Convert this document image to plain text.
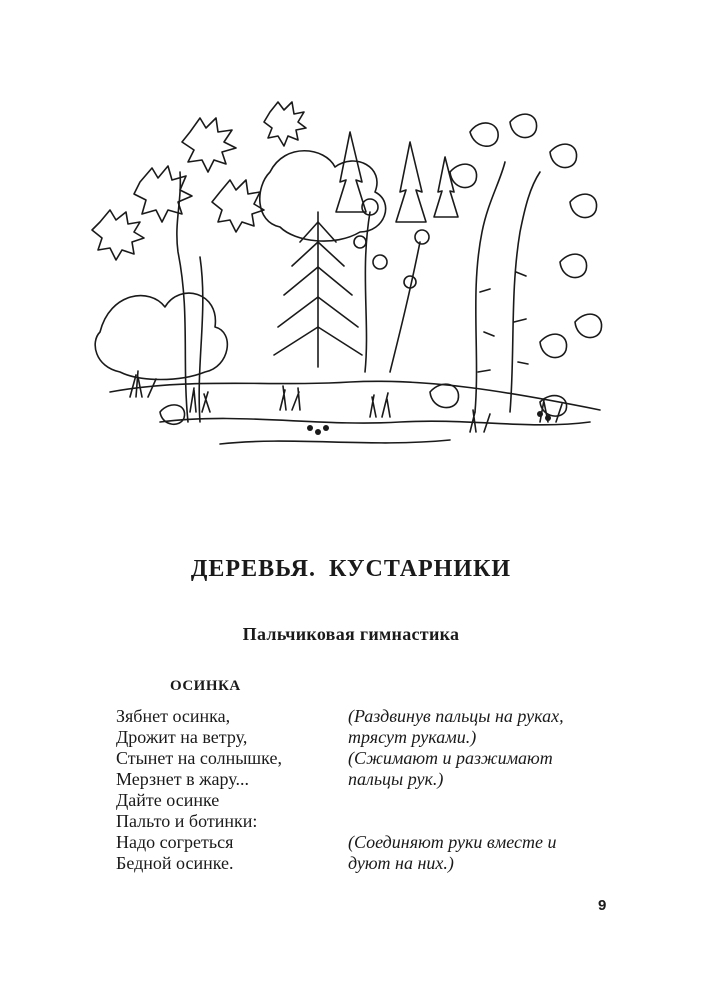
ДЕРЕВЬЯ. КУСТАРНИКИ
Пальчиковая гимнастика
ОСИНКА
Зябнет осинка,
Дрожит на ветру,
Стынет на солнышке,
Мерзнет в жару...
Дайте осинке
Пальто и ботинки:
Надо согреться
Бедной осинке.
(Раздвинув пальцы на руках,
трясут руками.)
(Сжимают и разжимают
пальцы рук.)
(Соединяют руки вместе и
дуют на них.)
9
